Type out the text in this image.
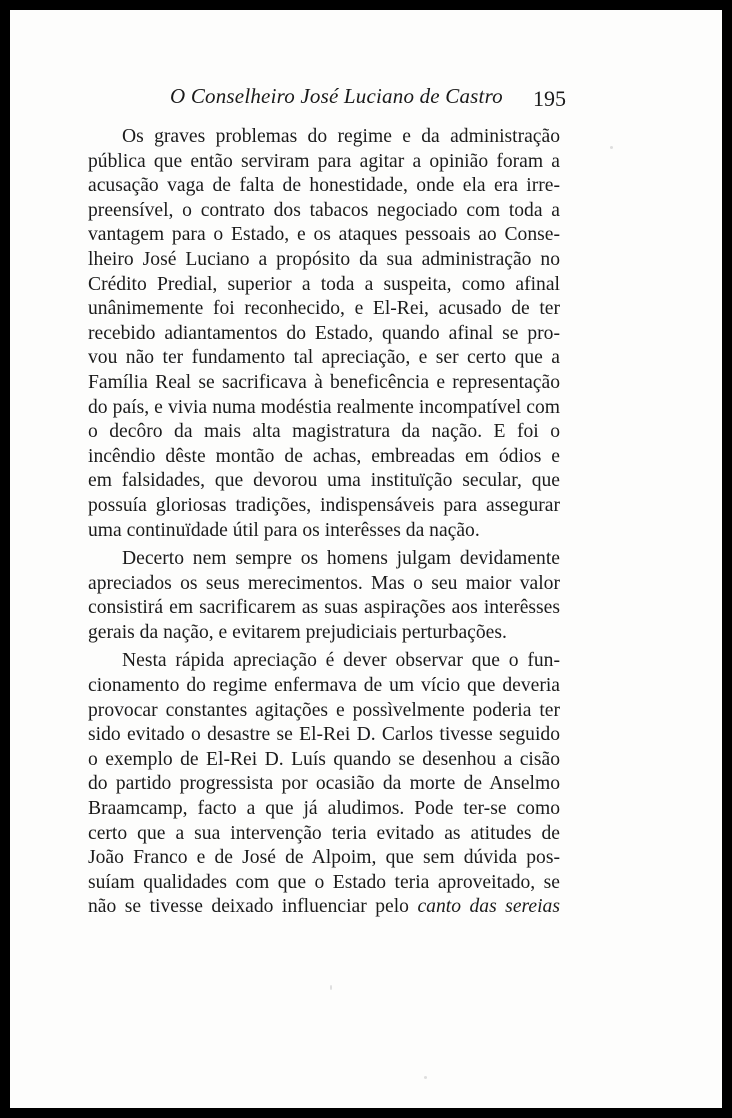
O Conselheiro José Luciano de Castro 195

Os graves problemas do regime e da administração
pública que então serviram para agitar a opinião foram a
acusação vaga de falta de honestidade, onde ela era irre-
preensível, o contrato dos tabacos negociado com toda a
vantagem para o Estado, e os ataques pessoais ao Conse-
lheiro José Luciano a propósito da sua administração no
Crédito Predial, superior a toda a suspeita, como afinal
unânimemente foi reconhecido, e El-Rei, acusado de ter
recebido adiantamentos do Estado, quando afinal se pro-
vou não ter fundamento tal apreciação, e ser certo que a
Família Real se sacrificava à beneficência e representação
do país, e vivia numa modéstia realmente incompatível com
o decôro da mais alta magistratura da nação. E foi o
incêndio dêste montão de achas, embreadas em ódios e
em falsidades, que devorou uma instituïção secular, que
possuía gloriosas tradições, indispensáveis para assegurar
uma continuïdade útil para os interêsses da nação.

Decerto nem sempre os homens julgam devidamente
apreciados os seus merecimentos. Mas o seu maior valor
consistirá em sacrificarem as suas aspirações aos interêsses
gerais da nação, e evitarem prejudiciais perturbações.

Nesta rápida apreciação é dever observar que o fun-
cionamento do regime enfermava de um vício que deveria
provocar constantes agitações e possìvelmente poderia ter
sido evitado o desastre se El-Rei D. Carlos tivesse seguido
o exemplo de El-Rei D. Luís quando se desenhou a cisão
do partido progressista por ocasião da morte de Anselmo
Braamcamp, facto a que já aludimos. Pode ter-se como
certo que a sua intervenção teria evitado as atitudes de
João Franco e de José de Alpoim, que sem dúvida pos-
suíam qualidades com que o Estado teria aproveitado, se
não se tivesse deixado influenciar pelo canto das sereias
